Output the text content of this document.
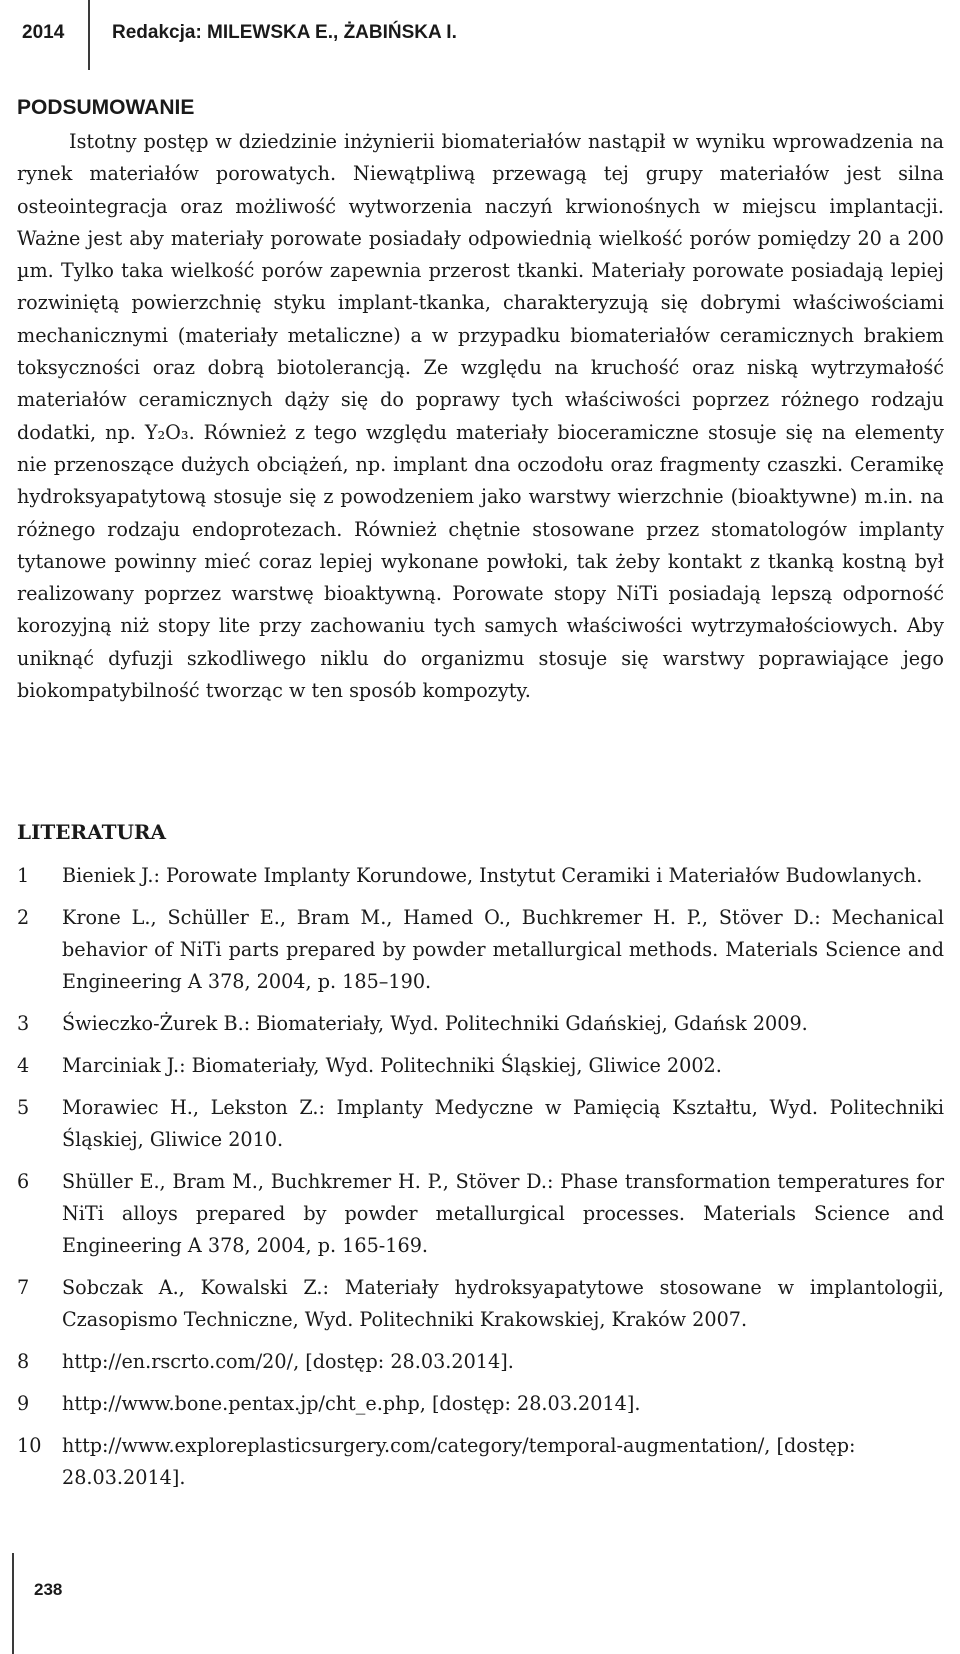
2014	Redakcja: MILEWSKA E., ŻABIŃSKA I.
PODSUMOWANIE

Istotny postęp w dziedzinie inżynierii biomateriałów nastąpił w wyniku wprowadzenia na rynek materiałów porowatych. Niewątpliwą przewagą tej grupy materiałów jest silna osteointegracja oraz możliwość wytworzenia naczyń krwionośnych w miejscu implantacji. Ważne jest aby materiały porowate posiadały odpowiednią wielkość porów pomiędzy 20 a 200 µm. Tylko taka wielkość porów zapewnia przerost tkanki. Materiały porowate posiadają lepiej rozwiniętą powierzchnię styku implant-tkanka, charakteryzują się dobrymi właściwościami mechanicznymi (materiały metaliczne) a w przypadku biomateriałów ceramicznych brakiem toksyczności oraz dobrą biotolerancją. Ze względu na kruchość oraz niską wytrzymałość materiałów ceramicznych dąży się do poprawy tych właściwości poprzez różnego rodzaju dodatki, np. Y₂O₃. Również z tego względu materiały bioceramiczne stosuje się na elementy nie przenoszące dużych obciążeń, np. implant dna oczodołu oraz fragmenty czaszki. Ceramikę hydroksyapatytową stosuje się z powodzeniem jako warstwy wierzchnie (bioaktywne) m.in. na różnego rodzaju endoprotezach. Również chętnie stosowane przez stomatologów implanty tytanowe powinny mieć coraz lepiej wykonane powłoki, tak żeby kontakt z tkanką kostną był realizowany poprzez warstwę bioaktywną. Porowate stopy NiTi posiadają lepszą odporność korozyjną niż stopy lite przy zachowaniu tych samych właściwości wytrzymałościowych. Aby uniknąć dyfuzji szkodliwego niklu do organizmu stosuje się warstwy poprawiające jego biokompatybilność tworząc w ten sposób kompozyty.

LITERATURA
1	Bieniek J.: Porowate Implanty Korundowe, Instytut Ceramiki i Materiałów Budowlanych.
2	Krone L., Schüller E., Bram M., Hamed O., Buchkremer H. P., Stöver D.: Mechanical behavior of NiTi parts prepared by powder metallurgical methods. Materials Science and Engineering A 378, 2004, p. 185–190.
3	Świeczko-Żurek B.: Biomateriały, Wyd. Politechniki Gdańskiej, Gdańsk 2009.
4	Marciniak J.: Biomateriały, Wyd. Politechniki Śląskiej, Gliwice 2002.
5	Morawiec H., Lekston Z.: Implanty Medyczne w Pamięcią Kształtu, Wyd. Politechniki Śląskiej, Gliwice 2010.
6	Shüller E., Bram M., Buchkremer H. P., Stöver D.: Phase transformation temperatures for NiTi alloys prepared by powder metallurgical processes. Materials Science and Engineering A 378, 2004, p. 165-169.
7	Sobczak A., Kowalski Z.: Materiały hydroksyapatytowe stosowane w implantologii, Czasopismo Techniczne, Wyd. Politechniki Krakowskiej, Kraków 2007.
8	http://en.rscrto.com/20/, [dostęp: 28.03.2014].
9	http://www.bone.pentax.jp/cht_e.php, [dostęp: 28.03.2014].
10	http://www.exploreplasticsurgery.com/category/temporal-augmentation/, [dostęp: 28.03.2014].
238
